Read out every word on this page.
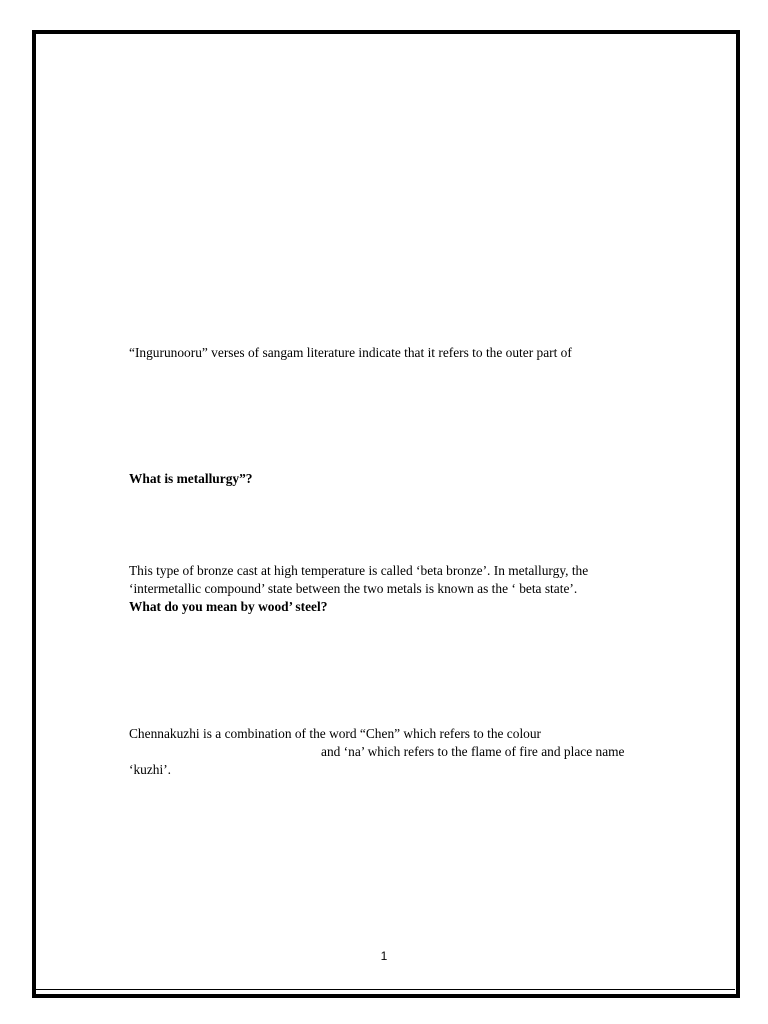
“Ingurunooru” verses of sangam literature indicate that it refers to the outer part of

What is metallurgy”?

This type of bronze cast at high temperature is called ‘beta bronze’. In metallurgy, the

‘intermetallic compound’ state between the two metals is known as the ‘ beta state’.

What do you mean by wood’ steel?

Chennakuzhi is a combination of the word “Chen” which refers to the colour

and ‘na’ which refers to the flame of fire and place name

‘kuzhi’.

1
